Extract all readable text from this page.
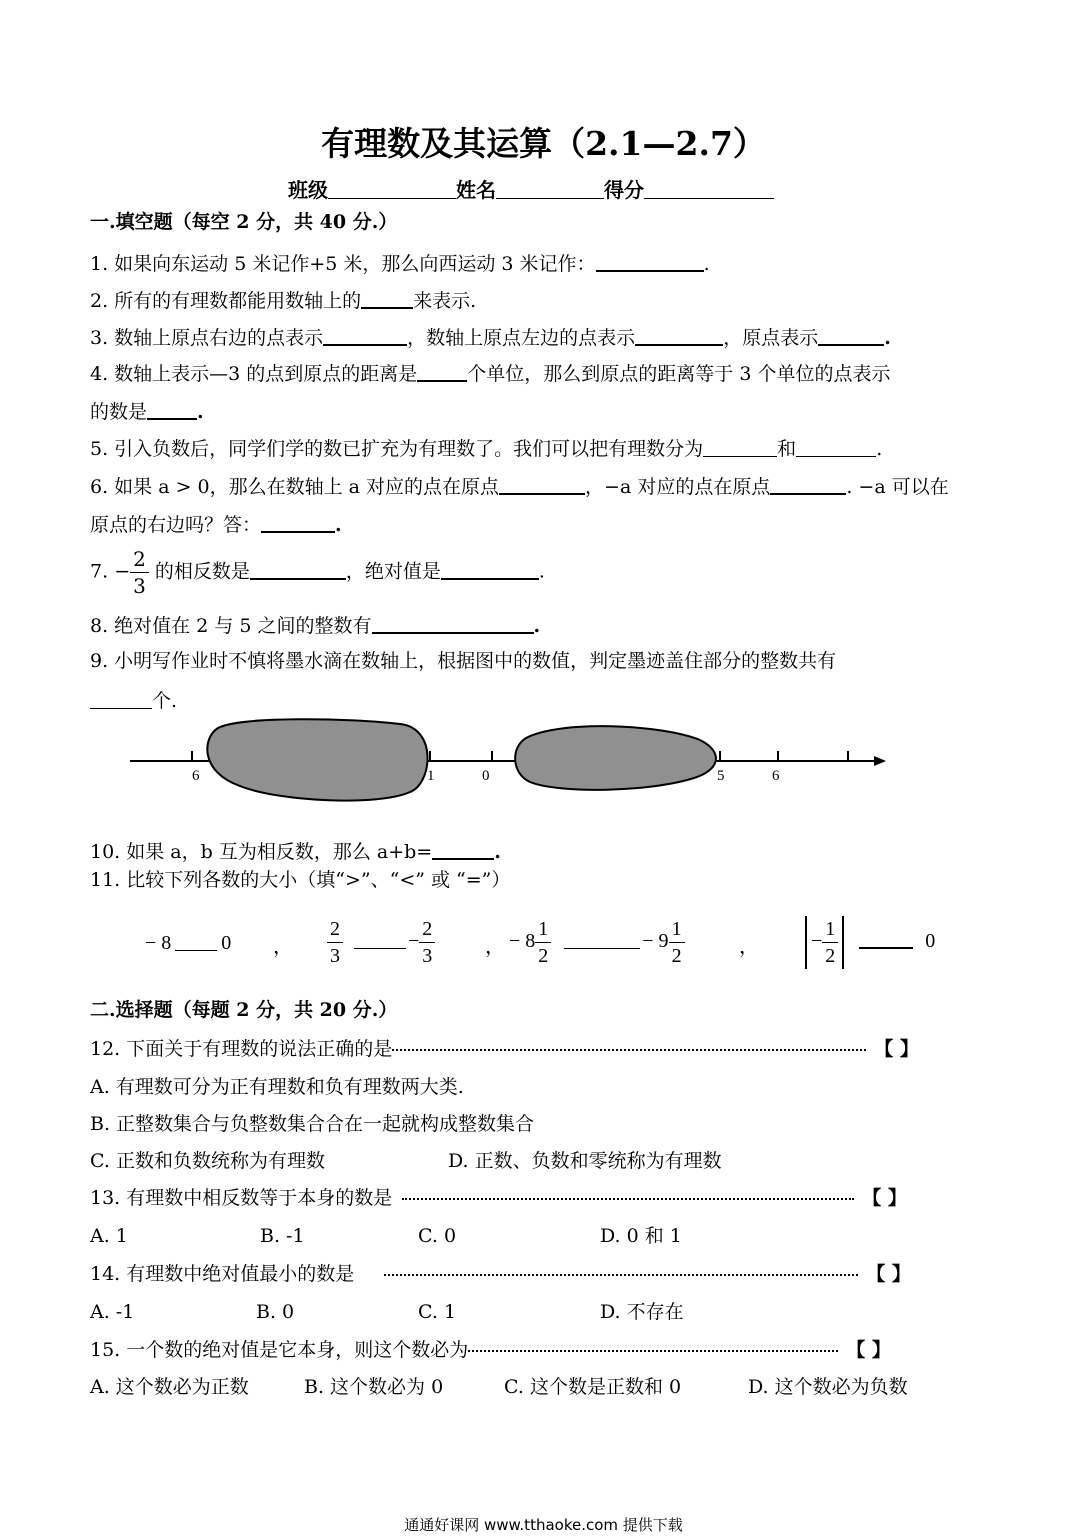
有理数及其运算（2.1—2.7）
班级	姓名	得分
一.填空题（每空 2 分，共 40 分.）
1. 如果向东运动 5 米记作+5 米，那么向西运动 3 米记作：	.
2. 所有的有理数都能用数轴上的	来表示.
3. 数轴上原点右边的点表示	，数轴上原点左边的点表示	，原点表示	.
4. 数轴上表示—3 的点到原点的距离是	个单位，那么到原点的距离等于 3 个单位的点表示
的数是	.
5. 引入负数后，同学们学的数已扩充为有理数了。我们可以把有理数分为	和	.
6. 如果 a > 0，那么在数轴上 a 对应的点在原点	，−a 对应的点在原点	. −a 可以在
原点的右边吗？答：	.
7. − $\frac{2}{3}$ 的相反数是	，绝对值是	.
8. 绝对值在 2 与 5 之间的整数有	.
9. 小明写作业时不慎将墨水滴在数轴上，根据图中的数值，判定墨迹盖住部分的整数共有
个.
6	1	0	5	6
10. 如果 a，b 互为相反数，那么 a+b=	.
11. 比较下列各数的大小（填“>”、“<” 或 “=”）
− 8	0 ， $\frac{2}{3}$	− $\frac{2}{3}$ ， − $8 \frac{1}{2}$	− $9 \frac{1}{2}$	，	− $\frac{1}{2}$	0
二.选择题（每题 2 分，共 20 分.）
12. 下面关于有理数的说法正确的是	【 】
A. 有理数可分为正有理数和负有理数两大类.
B. 正整数集合与负整数集合合在一起就构成整数集合
C. 正数和负数统称为有理数	D. 正数、负数和零统称为有理数
13. 有理数中相反数等于本身的数是	【 】
A. 1	B. -1	C. 0	D. 0 和 1
14. 有理数中绝对值最小的数是	【 】
A. -1	B. 0	C. 1	D. 不存在
15. 一个数的绝对值是它本身，则这个数必为	【 】
A. 这个数必为正数	B. 这个数必为 0	C. 这个数是正数和 0	D. 这个数必为负数
通通好课网 www.tthaoke.com 提供下载
